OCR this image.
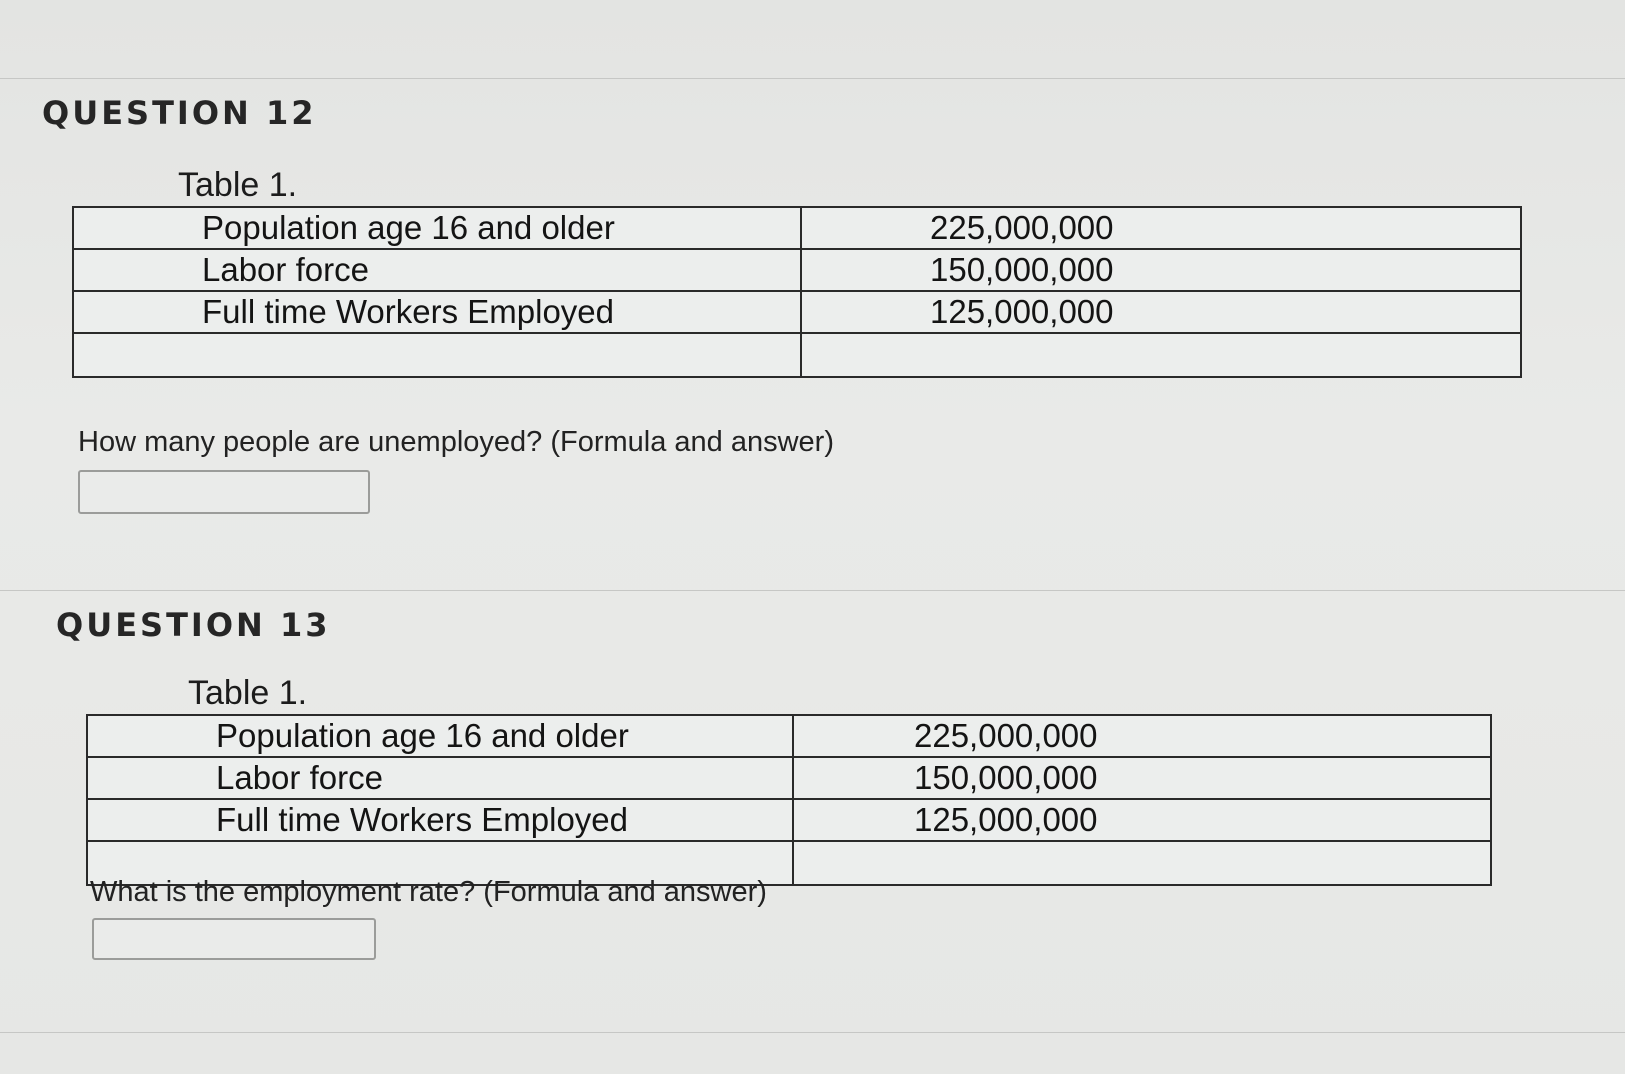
QUESTION 12
Table 1.
Population age 16 and older	225,000,000
Labor force	150,000,000
Full time Workers Employed	125,000,000

How many people are unemployed? (Formula and answer)
QUESTION 13
Table 1.
Population age 16 and older	225,000,000
Labor force	150,000,000
Full time Workers Employed	125,000,000

What is the employment rate? (Formula and answer)
